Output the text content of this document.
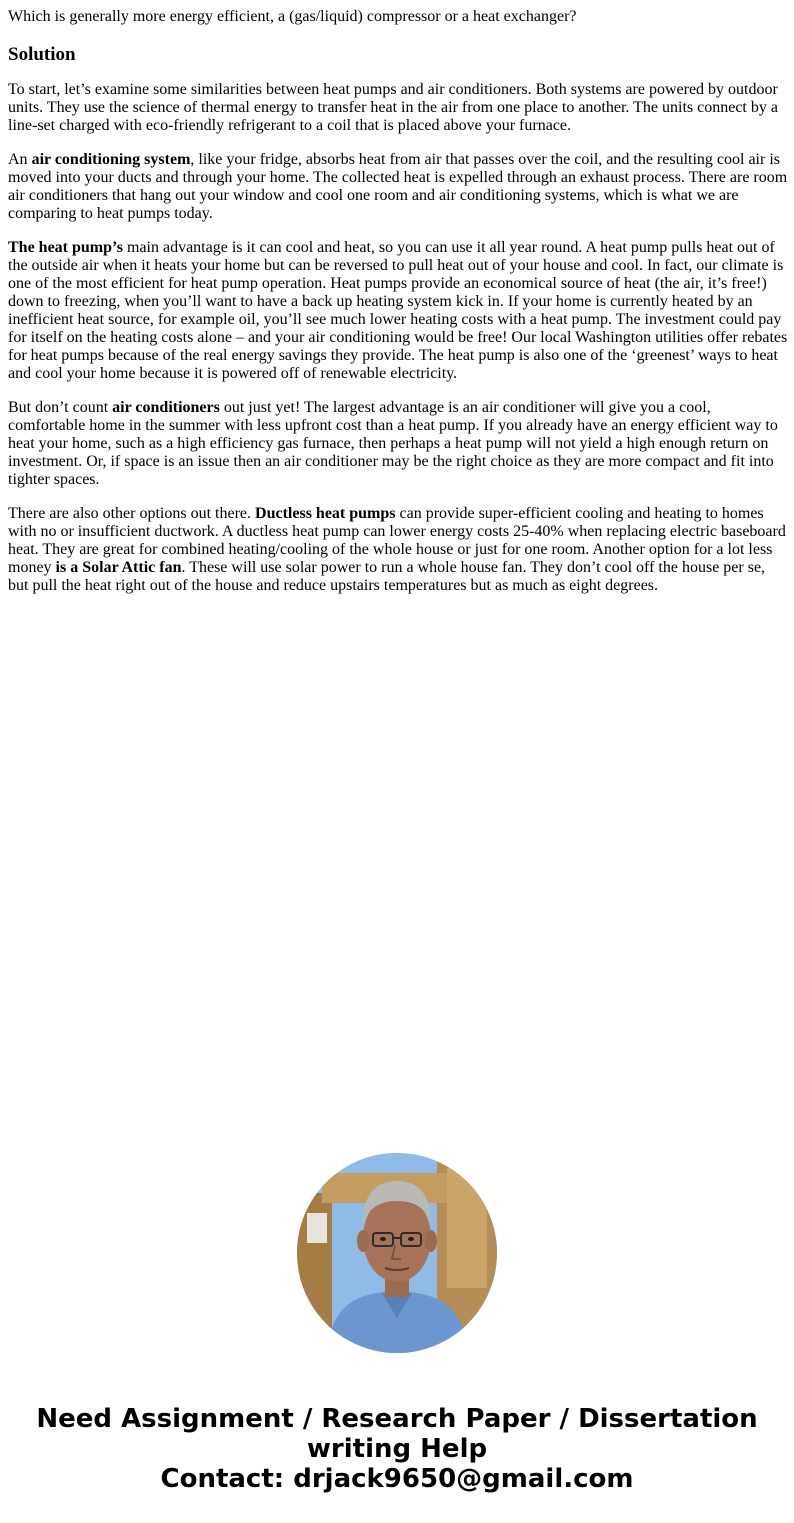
Which is generally more energy efficient, a (gas/liquid) compressor or a heat exchanger?

Solution

To start, let’s examine some similarities between heat pumps and air conditioners. Both systems are powered by outdoor units. They use the science of thermal energy to transfer heat in the air from one place to another. The units connect by a line-set charged with eco-friendly refrigerant to a coil that is placed above your furnace.

An air conditioning system, like your fridge, absorbs heat from air that passes over the coil, and the resulting cool air is moved into your ducts and through your home. The collected heat is expelled through an exhaust process. There are room air conditioners that hang out your window and cool one room and air conditioning systems, which is what we are comparing to heat pumps today.

The heat pump’s main advantage is it can cool and heat, so you can use it all year round. A heat pump pulls heat out of the outside air when it heats your home but can be reversed to pull heat out of your house and cool. In fact, our climate is one of the most efficient for heat pump operation. Heat pumps provide an economical source of heat (the air, it’s free!) down to freezing, when you’ll want to have a back up heating system kick in. If your home is currently heated by an inefficient heat source, for example oil, you’ll see much lower heating costs with a heat pump. The investment could pay for itself on the heating costs alone – and your air conditioning would be free! Our local Washington utilities offer rebates for heat pumps because of the real energy savings they provide. The heat pump is also one of the ‘greenest’ ways to heat and cool your home because it is powered off of renewable electricity.

But don’t count air conditioners out just yet! The largest advantage is an air conditioner will give you a cool, comfortable home in the summer with less upfront cost than a heat pump. If you already have an energy efficient way to heat your home, such as a high efficiency gas furnace, then perhaps a heat pump will not yield a high enough return on investment. Or, if space is an issue then an air conditioner may be the right choice as they are more compact and fit into tighter spaces.

There are also other options out there. Ductless heat pumps can provide super-efficient cooling and heating to homes with no or insufficient ductwork. A ductless heat pump can lower energy costs 25-40% when replacing electric baseboard heat. They are great for combined heating/cooling of the whole house or just for one room. Another option for a lot less money is a Solar Attic fan. These will use solar power to run a whole house fan. They don’t cool off the house per se, but pull the heat right out of the house and reduce upstairs temperatures but as much as eight degrees.

Need Assignment / Research Paper / Dissertation
writing Help
Contact: drjack9650@gmail.com
